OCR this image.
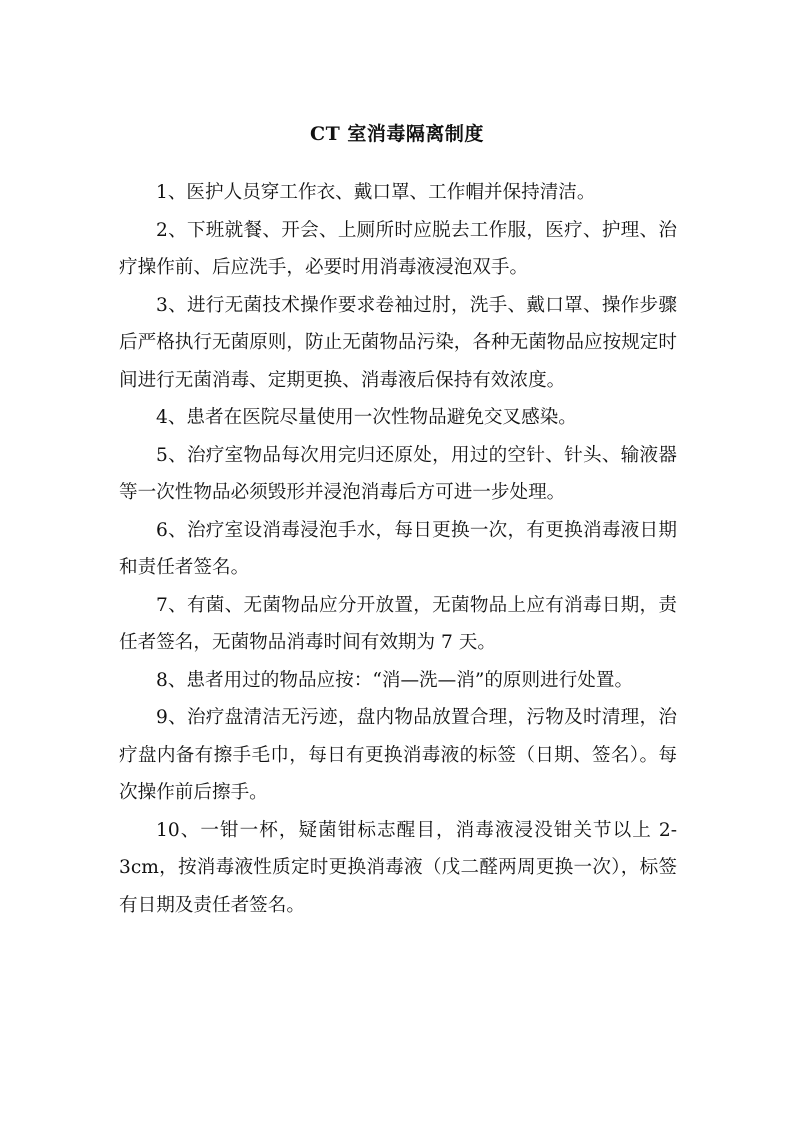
CT 室消毒隔离制度

1、医护人员穿工作衣、戴口罩、工作帽并保持清洁。

2、下班就餐、开会、上厕所时应脱去工作服，医疗、护理、治疗操作前、后应洗手，必要时用消毒液浸泡双手。

3、进行无菌技术操作要求卷袖过肘，洗手、戴口罩、操作步骤后严格执行无菌原则，防止无菌物品污染，各种无菌物品应按规定时间进行无菌消毒、定期更换、消毒液后保持有效浓度。

4、患者在医院尽量使用一次性物品避免交叉感染。

5、治疗室物品每次用完归还原处，用过的空针、针头、输液器等一次性物品必须毁形并浸泡消毒后方可进一步处理。

6、治疗室设消毒浸泡手水，每日更换一次，有更换消毒液日期和责任者签名。

7、有菌、无菌物品应分开放置，无菌物品上应有消毒日期，责任者签名，无菌物品消毒时间有效期为 7 天。

8、患者用过的物品应按：“消—洗—消”的原则进行处置。

9、治疗盘清洁无污迹，盘内物品放置合理，污物及时清理，治疗盘内备有擦手毛巾，每日有更换消毒液的标签（日期、签名）。每次操作前后擦手。

10、一钳一杯，疑菌钳标志醒目，消毒液浸没钳关节以上 2-3cm，按消毒液性质定时更换消毒液（戊二醛两周更换一次），标签有日期及责任者签名。
